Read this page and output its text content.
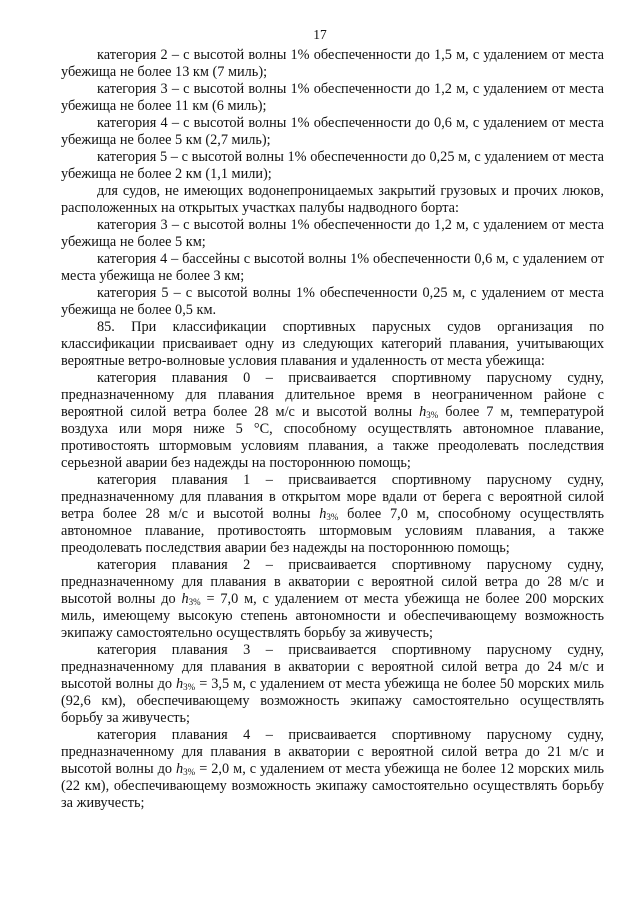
17

категория 2 – с высотой волны 1% обеспеченности до 1,5 м, с удалением от места убежища не более 13 км (7 миль);

категория 3 – с высотой волны 1% обеспеченности до 1,2 м, с удалением от места убежища не более 11 км (6 миль);

категория 4 – с высотой волны 1% обеспеченности до 0,6 м, с удалением от места убежища не более 5 км (2,7 миль);

категория 5 – с высотой волны 1% обеспеченности до 0,25 м, с удалением от места убежища не более 2 км (1,1 мили);

для судов, не имеющих водонепроницаемых закрытий грузовых и прочих люков, расположенных на открытых участках палубы надводного борта:

категория 3 – с высотой волны 1% обеспеченности до 1,2 м, с удалением от места убежища не более 5 км;

категория 4 – бассейны с высотой волны 1% обеспеченности 0,6 м, с удалением от места убежища не более 3 км;

категория 5 – с высотой волны 1% обеспеченности 0,25 м, с удалением от места убежища не более 0,5 км.

85. При классификации спортивных парусных судов организация по классификации присваивает одну из следующих категорий плавания, учитывающих вероятные ветро-волновые условия плавания и удаленность от места убежища:

категория плавания 0 – присваивается спортивному парусному судну, предназначенному для плавания длительное время в неограниченном районе с вероятной силой ветра более 28 м/с и высотой волны $h_{3\%}$ более 7 м, температурой воздуха или моря ниже 5 °С, способному осуществлять автономное плавание, противостоять штормовым условиям плавания, а также преодолевать последствия серьезной аварии без надежды на постороннюю помощь;

категория плавания 1 – присваивается спортивному парусному судну, предназначенному для плавания в открытом море вдали от берега с вероятной силой ветра более 28 м/с и высотой волны $h_{3\%}$ более 7,0 м, способному осуществлять автономное плавание, противостоять штормовым условиям плавания, а также преодолевать последствия аварии без надежды на постороннюю помощь;

категория плавания 2 – присваивается спортивному парусному судну, предназначенному для плавания в акватории с вероятной силой ветра до 28 м/с и высотой волны до $h_{3\%} = 7,0$ м, с удалением от места убежища не более 200 морских миль, имеющему высокую степень автономности и обеспечивающему возможность экипажу самостоятельно осуществлять борьбу за живучесть;

категория плавания 3 – присваивается спортивному парусному судну, предназначенному для плавания в акватории с вероятной силой ветра до 24 м/с и высотой волны до $h_{3\%} = 3,5$ м, с удалением от места убежища не более 50 морских миль (92,6 км), обеспечивающему возможность экипажу самостоятельно осуществлять борьбу за живучесть;

категория плавания 4 – присваивается спортивному парусному судну, предназначенному для плавания в акватории с вероятной силой ветра до 21 м/с и высотой волны до $h_{3\%} = 2,0$ м, с удалением от места убежища не более 12 морских миль (22 км), обеспечивающему возможность экипажу самостоятельно осуществлять борьбу за живучесть;
